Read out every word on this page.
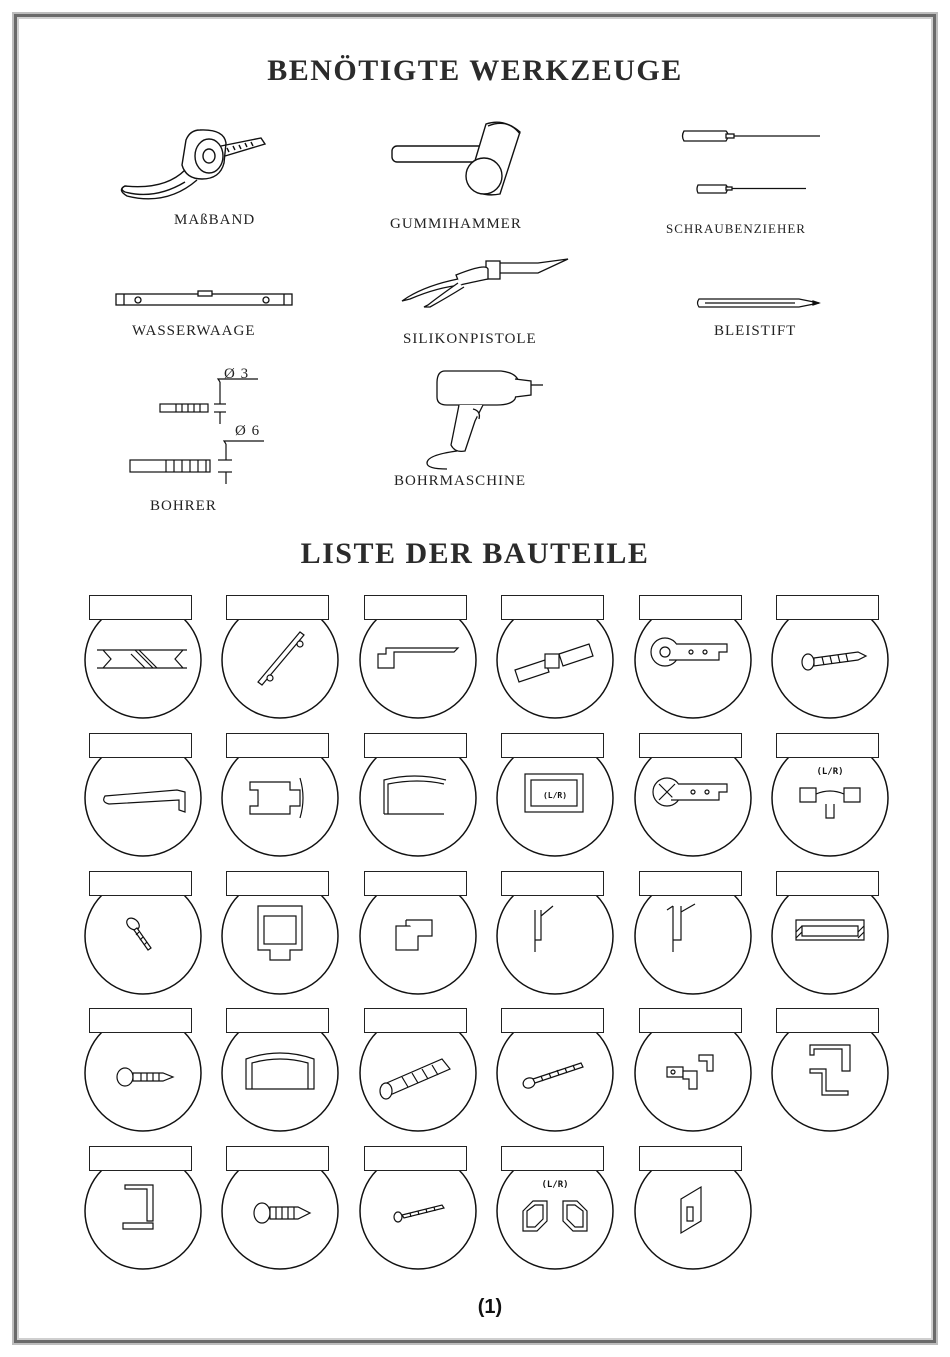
BENÖTIGTE WERKZEUGE
MAßBAND	GUMMIHAMMER	SCHRAUBENZIEHER
WASSERWAAGE	SILIKONPISTOLE	BLEISTIFT
Ø 3
Ø 6
BOHRER
BOHRMASCHINE
LISTE DER BAUTEILE
(L/R)
(L/R)
(L/R)
(1)
